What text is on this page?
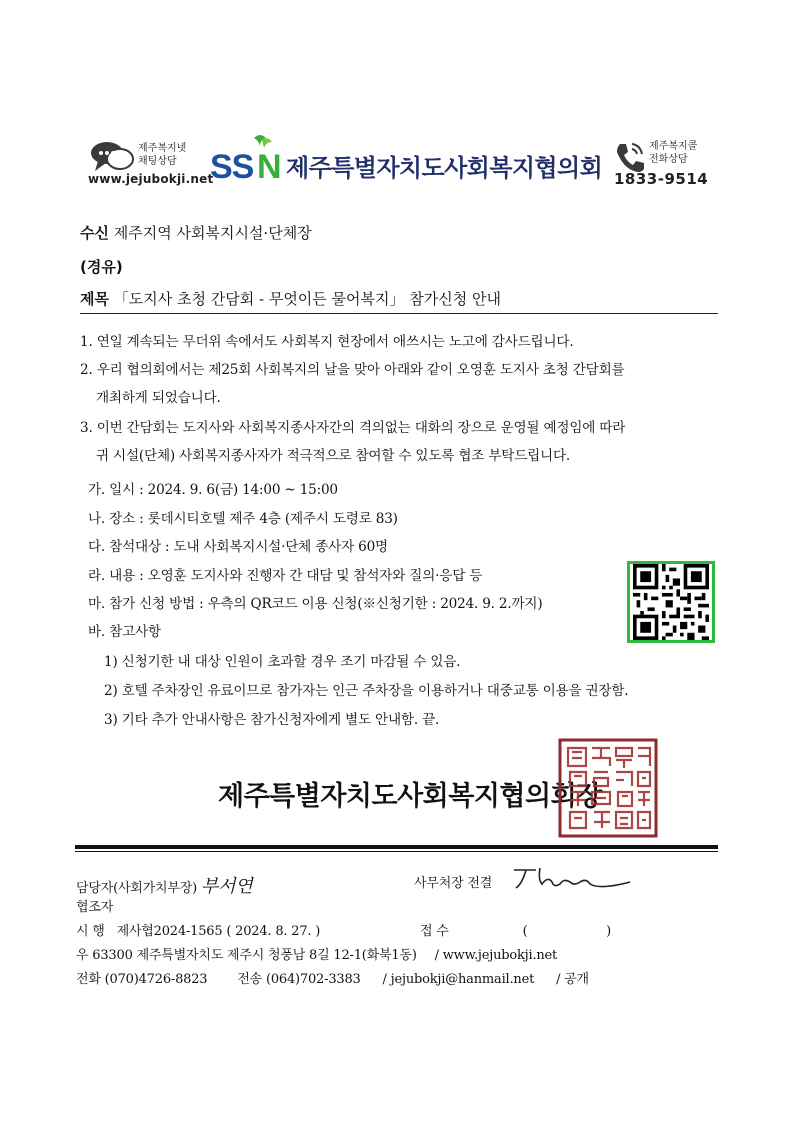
제주복지넷
채팅상담
www.jejubokji.net
SS N 제주특별자치도사회복지협의회
제주복지콜
전화상담
1833-9514
수신 제주지역 사회복지시설·단체장
(경유)
제목 「도지사 초청 간담회 - 무엇이든 물어복지」 참가신청 안내
1. 연일 계속되는 무더위 속에서도 사회복지 현장에서 애쓰시는 노고에 감사드립니다.
2. 우리 협의회에서는 제25회 사회복지의 날을 맞아 아래와 같이 오영훈 도지사 초청 간담회를
개최하게 되었습니다.
3. 이번 간담회는 도지사와 사회복지종사자간의 격의없는 대화의 장으로 운영될 예정임에 따라
귀 시설(단체) 사회복지종사자가 적극적으로 참여할 수 있도록 협조 부탁드립니다.
가. 일시 : 2024. 9. 6(금) 14:00 ~ 15:00
나. 장소 : 롯데시티호텔 제주 4층 (제주시 도령로 83)
다. 참석대상 : 도내 사회복지시설·단체 종사자 60명
라. 내용 : 오영훈 도지사와 진행자 간 대담 및 참석자와 질의·응답 등
마. 참가 신청 방법 : 우측의 QR코드 이용 신청(※신청기한 : 2024. 9. 2.까지)
바. 참고사항
1) 신청기한 내 대상 인원이 초과할 경우 조기 마감될 수 있음.
2) 호텔 주차장인 유료이므로 참가자는 인근 주차장을 이용하거나 대중교통 이용을 권장함.
3) 기타 추가 안내사항은 참가신청자에게 별도 안내함. 끝.
제주특별자치도사회복지협의회장
담당자(사회가치부장) 부서연	사무처장 전결
협조자
시 행 제사협2024-1565 ( 2024. 8. 27. )	접 수	(                    )
우 63300 제주특별자치도 제주시 청풍남 8길 12-1(화북1동) / www.jejubokji.net
전화 (070)4726-8823 전송 (064)702-3383 / jejubokji@hanmail.net / 공개
